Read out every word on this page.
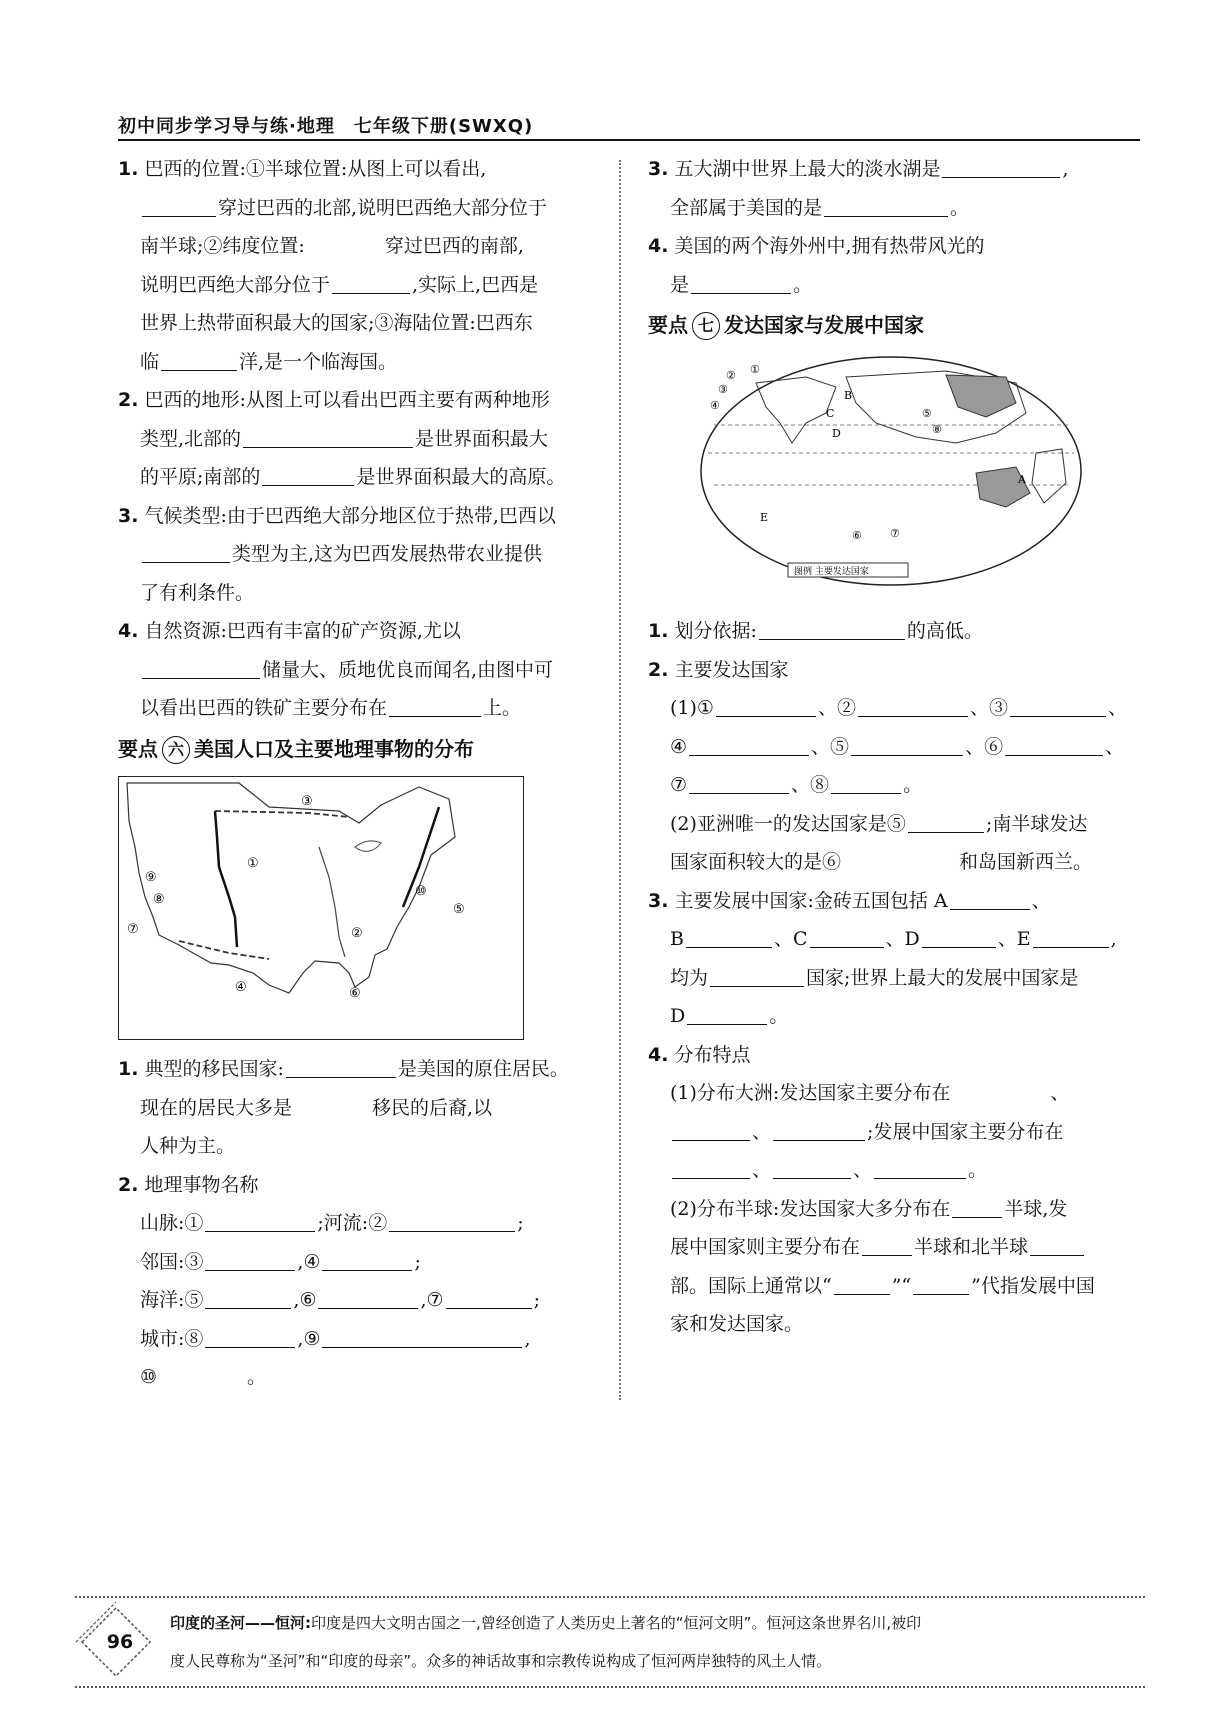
初中同步学习导与练·地理　七年级下册(SWXQ)
1. 巴西的位置:①半球位置:从图上可以看出,
穿过巴西的北部,说明巴西绝大部分位于
南半球;②纬度位置:	穿过巴西的南部,
说明巴西绝大部分位于	,实际上,巴西是
世界上热带面积最大的国家;③海陆位置:巴西东
临	洋,是一个临海国。
2. 巴西的地形:从图上可以看出巴西主要有两种地形
类型,北部的	是世界面积最大
的平原;南部的	是世界面积最大的高原。
3. 气候类型:由于巴西绝大部分地区位于热带,巴西以
类型为主,这为巴西发展热带农业提供
了有利条件。
4. 自然资源:巴西有丰富的矿产资源,尤以
储量大、质地优良而闻名,由图中可
以看出巴西的铁矿主要分布在	上。
要点 六 美国人口及主要地理事物的分布
③
①
②
④
⑤
⑥
⑦
⑧
⑨
⑩
1. 典型的移民国家:	是美国的原住居民。
现在的居民大多是	移民的后裔,以
人种为主。
2. 地理事物名称
山脉:①	;河流:②	;
邻国:③	,④	;
海洋:⑤	,⑥	,⑦	;
城市:⑧	,⑨	,
⑩	。
3. 五大湖中世界上最大的淡水湖是	,
全部属于美国的是	。
4. 美国的两个海外州中,拥有热带风光的
是	。
要点 七 发达国家与发展中国家
图例 主要发达国家
①
②
③
④
⑤
⑥	⑦
⑧
A
B
C
D
E
1. 划分依据:	的高低。
2. 主要发达国家
(1)①	、②	、③	、
④	、⑤	、⑥	、
⑦	、⑧	。
(2)亚洲唯一的发达国家是⑤	;南半球发达
国家面积较大的是⑥	和岛国新西兰。
3. 主要发展中国家:金砖五国包括 A	、
B	、C	、D	、E	,
均为	国家;世界上最大的发展中国家是
D	。
4. 分布特点
(1)分布大洲:发达国家主要分布在	、
、	;发展中国家主要分布在
、	、	。
(2)分布半球:发达国家大多分布在	半球,发
展中国家则主要分布在	半球和北半球
部。国际上通常以“	”“	”代指发展中国
家和发达国家。
96
印度的圣河——恒河:印度是四大文明古国之一,曾经创造了人类历史上著名的“恒河文明”。恒河这条世界名川,被印
度人民尊称为“圣河”和“印度的母亲”。众多的神话故事和宗教传说构成了恒河两岸独特的风土人情。
